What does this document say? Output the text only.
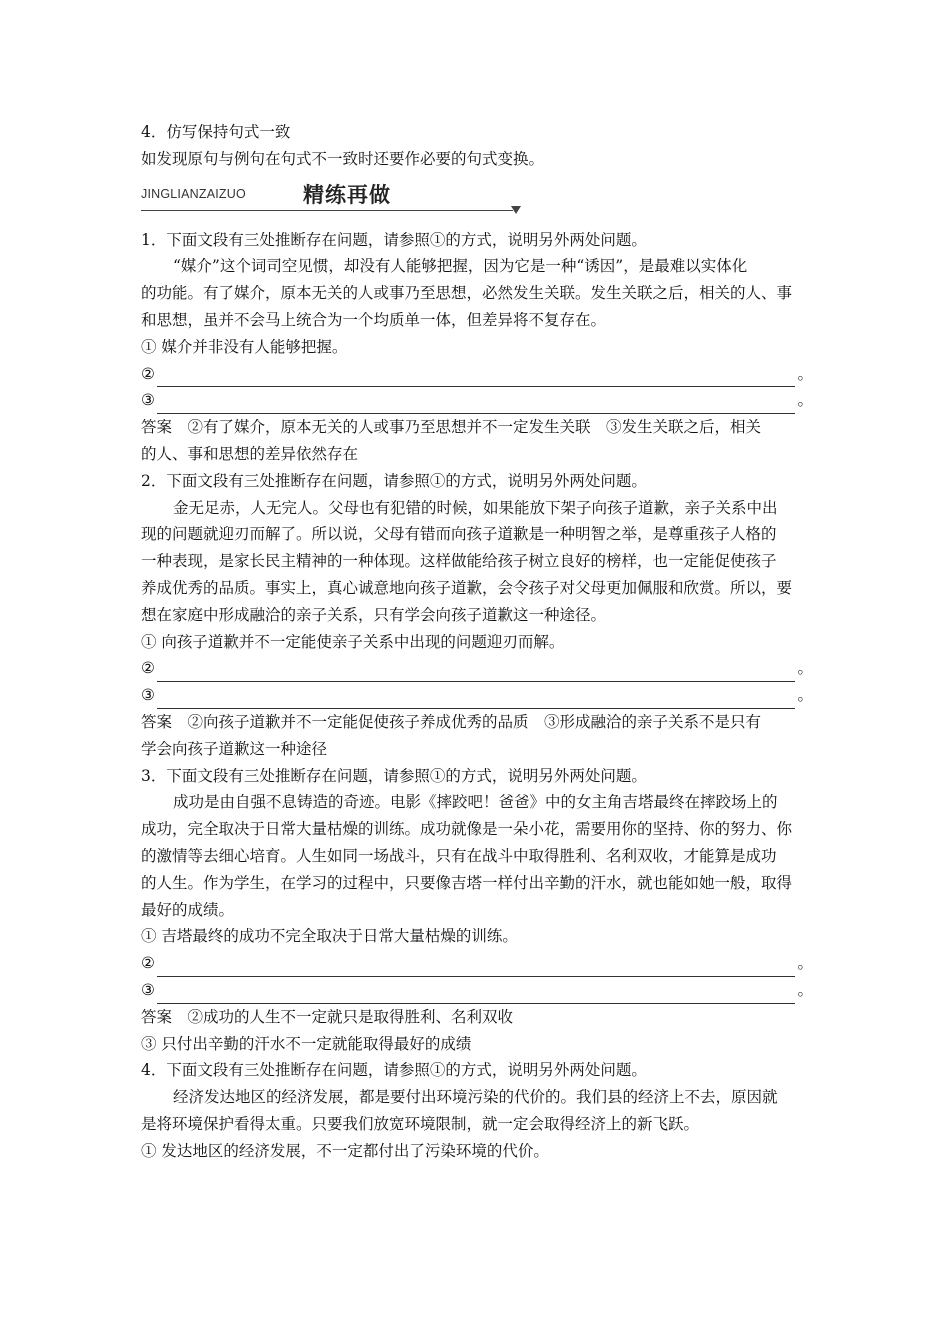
4．仿写保持句式一致
如发现原句与例句在句式不一致时还要作必要的句式变换。
JINGLIANZAIZUO	精练再做
1．下面文段有三处推断存在问题，请参照①的方式，说明另外两处问题。
“媒介”这个词司空见惯，却没有人能够把握，因为它是一种“诱因”，是最难以实体化
的功能。有了媒介，原本无关的人或事乃至思想，必然发生关联。发生关联之后，相关的人、事
和思想，虽并不会马上统合为一个均质单一体，但差异将不复存在。
① 媒介并非没有人能够把握。
②	。
③	。
答案　②有了媒介，原本无关的人或事乃至思想并不一定发生关联　③发生关联之后，相关
的人、事和思想的差异依然存在
2．下面文段有三处推断存在问题，请参照①的方式，说明另外两处问题。
金无足赤，人无完人。父母也有犯错的时候，如果能放下架子向孩子道歉，亲子关系中出
现的问题就迎刃而解了。所以说，父母有错而向孩子道歉是一种明智之举，是尊重孩子人格的
一种表现，是家长民主精神的一种体现。这样做能给孩子树立良好的榜样，也一定能促使孩子
养成优秀的品质。事实上，真心诚意地向孩子道歉，会令孩子对父母更加佩服和欣赏。所以，要
想在家庭中形成融洽的亲子关系，只有学会向孩子道歉这一种途径。
① 向孩子道歉并不一定能使亲子关系中出现的问题迎刃而解。
②	。
③	。
答案　②向孩子道歉并不一定能促使孩子养成优秀的品质　③形成融洽的亲子关系不是只有
学会向孩子道歉这一种途径
3．下面文段有三处推断存在问题，请参照①的方式，说明另外两处问题。
成功是由自强不息铸造的奇迹。电影《摔跤吧！爸爸》中的女主角吉塔最终在摔跤场上的
成功，完全取决于日常大量枯燥的训练。成功就像是一朵小花，需要用你的坚持、你的努力、你
的激情等去细心培育。人生如同一场战斗，只有在战斗中取得胜利、名利双收，才能算是成功
的人生。作为学生，在学习的过程中，只要像吉塔一样付出辛勤的汗水，就也能如她一般，取得
最好的成绩。
① 吉塔最终的成功不完全取决于日常大量枯燥的训练。
②	。
③	。
答案　②成功的人生不一定就只是取得胜利、名利双收
③ 只付出辛勤的汗水不一定就能取得最好的成绩
4．下面文段有三处推断存在问题，请参照①的方式，说明另外两处问题。
经济发达地区的经济发展，都是要付出环境污染的代价的。我们县的经济上不去，原因就
是将环境保护看得太重。只要我们放宽环境限制，就一定会取得经济上的新飞跃。
① 发达地区的经济发展，不一定都付出了污染环境的代价。
